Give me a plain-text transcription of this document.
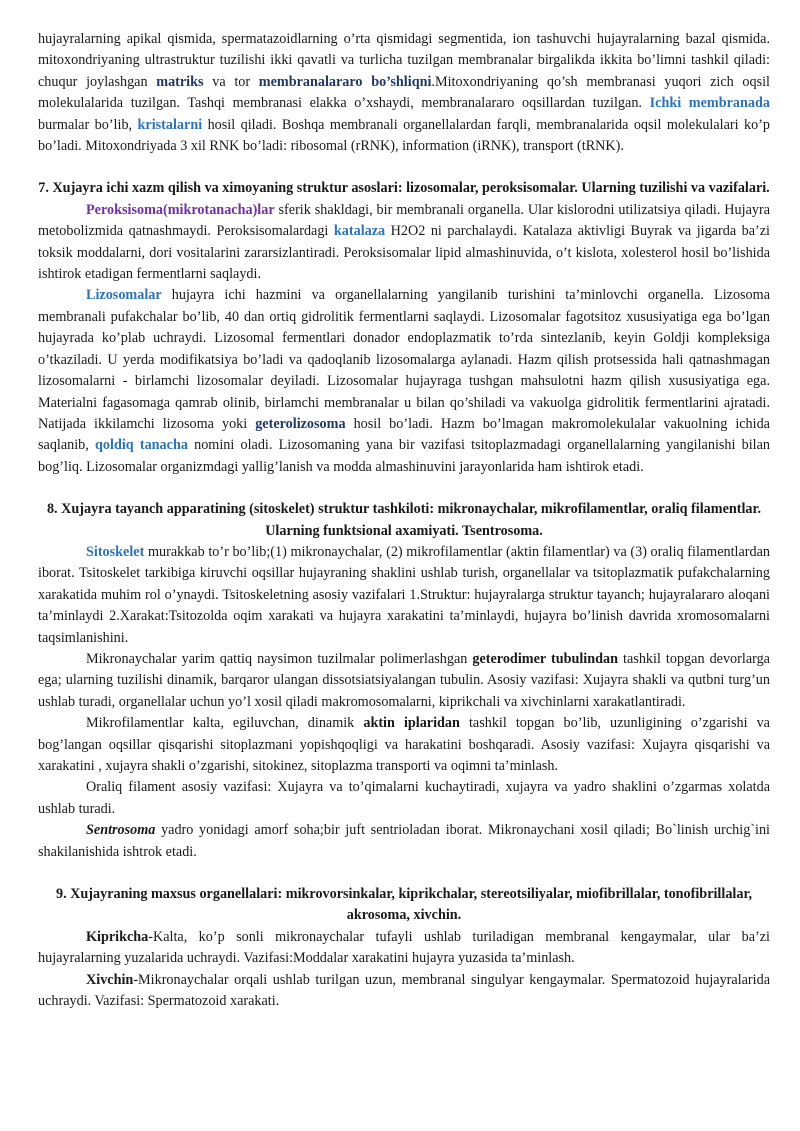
hujayralarning apikal qismida, spermatazoidlarning o’rta qismidagi segmentida, ion tashuvchi hujayralarning bazal qismida. mitoxondriyaning ultrastruktur tuzilishi ikki qavatli va turlicha tuzilgan membranalar birgalikda ikkita bo’limni tashkil qiladi: chuqur joylashgan matriks va tor membranalararo bo’shliqni.Mitoxondriyaning qo’sh membranasi yuqori zich oqsil molekulalarida tuzilgan. Tashqi membranasi elakka o’xshaydi, membranalararo oqsillardan tuzilgan. Ichki membranada burmalar bo’lib, kristalarni hosil qiladi. Boshqa membranali organellalardan farqli, membranalarida oqsil molekulalari ko’p bo’ladi. Mitoxondriyada 3 xil RNK bo’ladi: ribosomal (rRNK), information (iRNK), transport (tRNK).

7. Xujayra ichi xazm qilish va ximoyaning struktur asoslari: lizosomalar, peroksisomalar. Ularning tuzilishi va vazifalari.

Peroksisoma(mikrotanacha)lar sferik shakldagi, bir membranali organella. Ular kislorodni utilizatsiya qiladi. Hujayra metobolizmida qatnashmaydi. Peroksisomalardagi katalaza H2O2 ni parchalaydi. Katalaza aktivligi Buyrak va jigarda ba’zi toksik moddalarni, dori vositalarini zararsizlantiradi. Peroksisomalar lipid almashinuvida, o’t kislota, xolesterol hosil bo’lishida ishtirok etadigan fermentlarni saqlaydi.

Lizosomalar hujayra ichi hazmini va organellalarning yangilanib turishini ta’minlovchi organella. Lizosoma membranali pufakchalar bo’lib, 40 dan ortiq gidrolitik fermentlarni saqlaydi. Lizosomalar fagotsitoz xususiyatiga ega bo’lgan hujayrada ko’plab uchraydi. Lizosomal fermentlari donador endoplazmatik to’rda sintezlanib, keyin Goldji kompleksiga o’tkaziladi. U yerda modifikatsiya bo’ladi va qadoqlanib lizosomalarga aylanadi. Hazm qilish protsessida hali qatnashmagan lizosomalarni - birlamchi lizosomalar deyiladi. Lizosomalar hujayraga tushgan mahsulotni hazm qilish xususiyatiga ega. Materialni fagasomaga qamrab olinib, birlamchi membranalar u bilan qo’shiladi va vakuolga gidrolitik fermentlarini ajratadi. Natijada ikkilamchi lizosoma yoki geterolizosoma hosil bo’ladi. Hazm bo’lmagan makromolekulalar vakuolning ichida saqlanib, qoldiq tanacha nomini oladi. Lizosomaning yana bir vazifasi tsitoplazmadagi organellalarning yangilanishi bilan bog’liq. Lizosomalar organizmdagi yallig’lanish va modda almashinuvini jarayonlarida ham ishtirok etadi.

8. Xujayra tayanch apparatining (sitoskelet) struktur tashkiloti: mikronaychalar, mikrofilamentlar, oraliq filamentlar. Ularning funktsional axamiyati. Tsentrosoma.

Sitoskelet murakkab to’r bo’lib;(1) mikronaychalar, (2) mikrofilamentlar (aktin filamentlar) va (3) oraliq filamentlardan iborat. Tsitoskelet tarkibiga kiruvchi oqsillar hujayraning shaklini ushlab turish, organellalar va tsitoplazmatik pufakchalarning xarakatida muhim rol o’ynaydi. Tsitoskeletning asosiy vazifalari 1.Struktur: hujayralarga struktur tayanch; hujayralararo aloqani ta’minlaydi 2.Xarakat:Tsitozolda oqim xarakati va hujayra xarakatini ta’minlaydi, hujayra bo’linish davrida xromosomalarni taqsimlanishini.

Mikronaychalar yarim qattiq naysimon tuzilmalar polimerlashgan geterodimer tubulindan tashkil topgan devorlarga ega; ularning tuzilishi dinamik, barqaror ulangan dissotsiatsiyalangan tubulin. Asosiy vazifasi: Xujayra shakli va qutbni turg’un ushlab turadi, organellalar uchun yo’l xosil qiladi makromosomalarni, kiprikchali va xivchinlarni xarakatlantiradi.

Mikrofilamentlar kalta, egiluvchan, dinamik aktin iplaridan tashkil topgan bo’lib, uzunligining o’zgarishi va bog’langan oqsillar qisqarishi sitoplazmani yopishqoqligi va harakatini boshqaradi. Asosiy vazifasi: Xujayra qisqarishi va xarakatini , xujayra shakli o’zgarishi, sitokinez, sitoplazma transporti va oqimni ta’minlash.

Oraliq filament asosiy vazifasi: Xujayra va to’qimalarni kuchaytiradi, xujayra va yadro shaklini o’zgarmas xolatda ushlab turadi.

Sentrosoma yadro yonidagi amorf soha;bir juft sentrioladan iborat. Mikronaychani xosil qiladi; Bo`linish urchig`ini shakilanishida ishtrok etadi.

9. Xujayraning maxsus organellalari: mikrovorsinkalar, kiprikchalar, stereotsiliyalar, miofibrillalar, tonofibrillalar, akrosoma, xivchin.

Kiprikcha-Kalta, ko’p sonli mikronaychalar tufayli ushlab turiladigan membranal kengaymalar, ular ba’zi hujayralarning yuzalarida uchraydi. Vazifasi:Moddalar xarakatini hujayra yuzasida ta’minlash.

Xivchin-Mikronaychalar orqali ushlab turilgan uzun, membranal singulyar kengaymalar. Spermatozoid hujayralarida uchraydi. Vazifasi: Spermatozoid xarakati.
